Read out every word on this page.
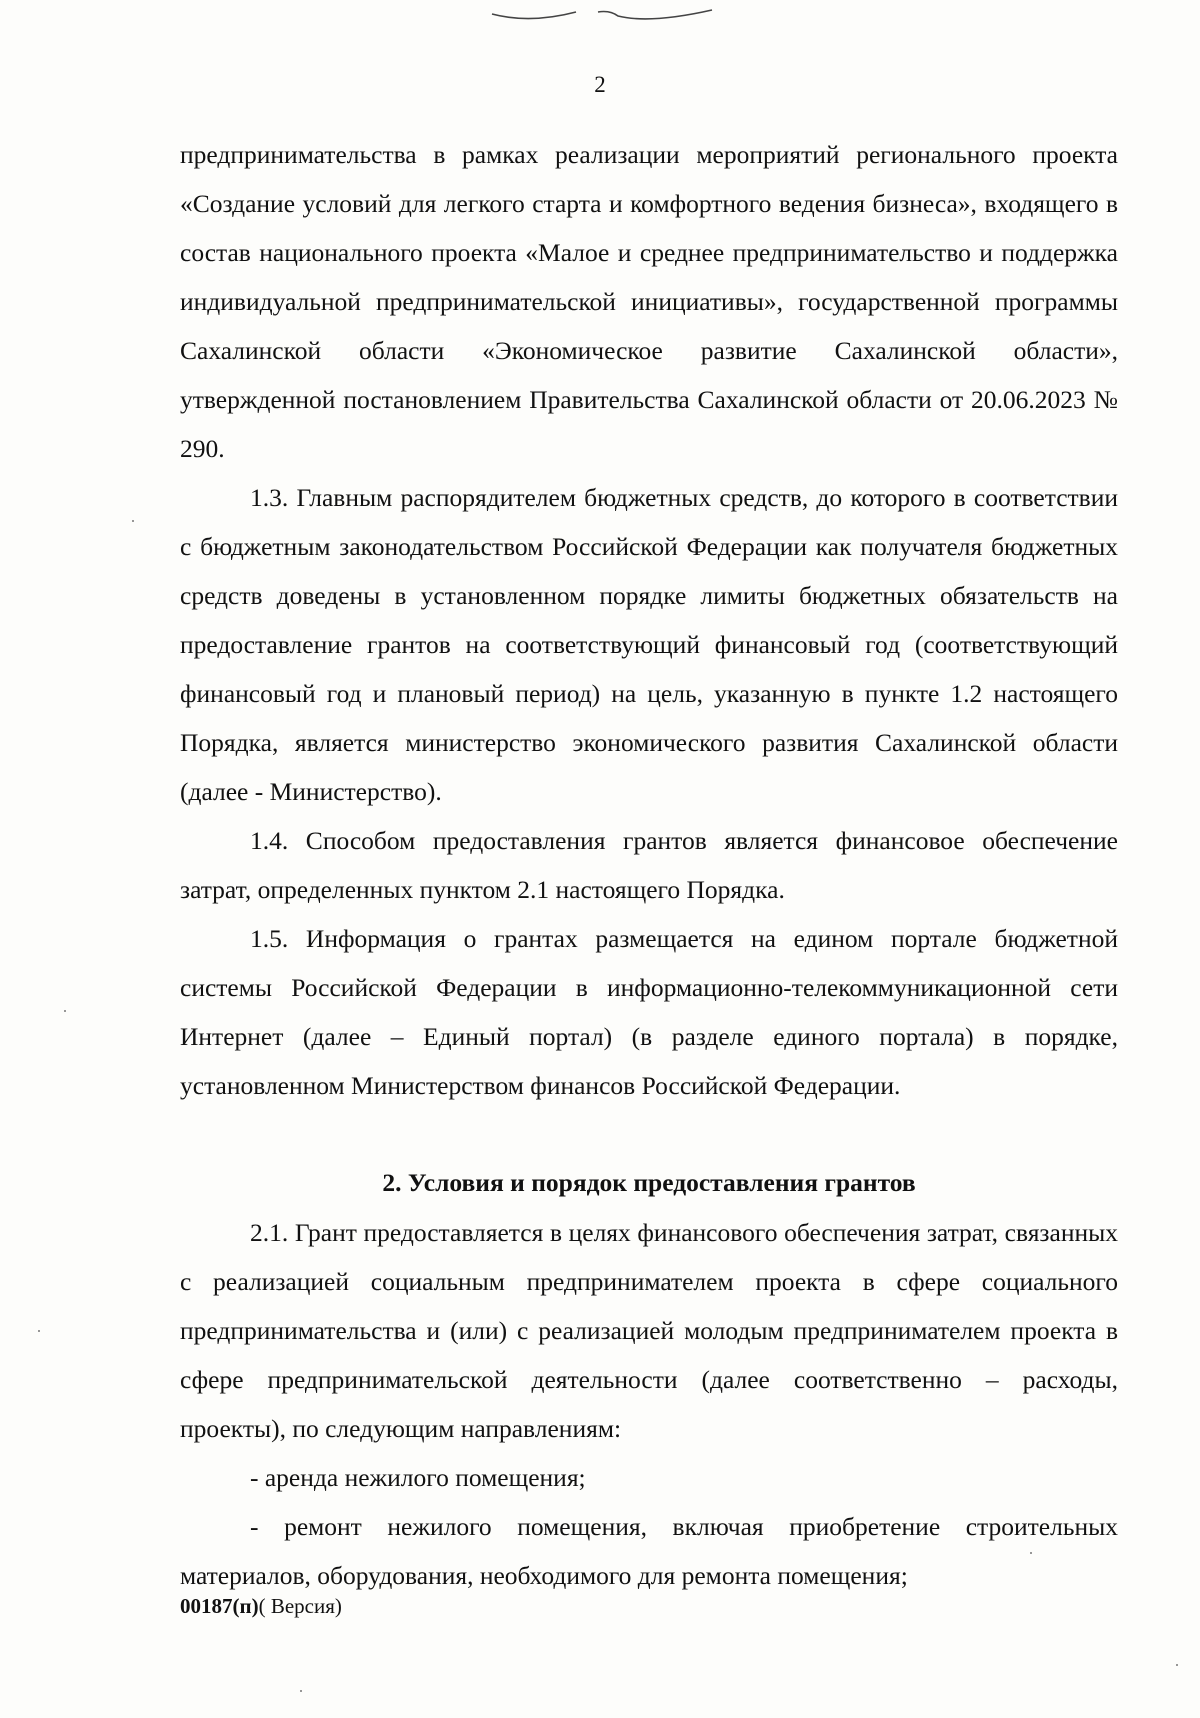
2

предпринимательства в рамках реализации мероприятий регионального проекта «Создание условий для легкого старта и комфортного ведения бизнеса», входящего в состав национального проекта «Малое и среднее предпринимательство и поддержка индивидуальной предпринимательской инициативы», государственной программы Сахалинской области «Экономическое развитие Сахалинской области», утвержденной постановлением Правительства Сахалинской области от 20.06.2023 № 290.

1.3. Главным распорядителем бюджетных средств, до которого в соответствии с бюджетным законодательством Российской Федерации как получателя бюджетных средств доведены в установленном порядке лимиты бюджетных обязательств на предоставление грантов на соответствующий финансовый год (соответствующий финансовый год и плановый период) на цель, указанную в пункте 1.2 настоящего Порядка, является министерство экономического развития Сахалинской области (далее - Министерство).

1.4. Способом предоставления грантов является финансовое обеспечение затрат, определенных пунктом 2.1 настоящего Порядка.

1.5. Информация о грантах размещается на едином портале бюджетной системы Российской Федерации в информационно-телекоммуникационной сети Интернет (далее – Единый портал) (в разделе единого портала) в порядке, установленном Министерством финансов Российской Федерации.

2. Условия и порядок предоставления грантов

2.1. Грант предоставляется в целях финансового обеспечения затрат, связанных с реализацией социальным предпринимателем проекта в сфере социального предпринимательства и (или) с реализацией молодым предпринимателем проекта в сфере предпринимательской деятельности (далее соответственно – расходы, проекты), по следующим направлениям:

- аренда нежилого помещения;

- ремонт нежилого помещения, включая приобретение строительных материалов, оборудования, необходимого для ремонта помещения;

00187(п)( Версия)
